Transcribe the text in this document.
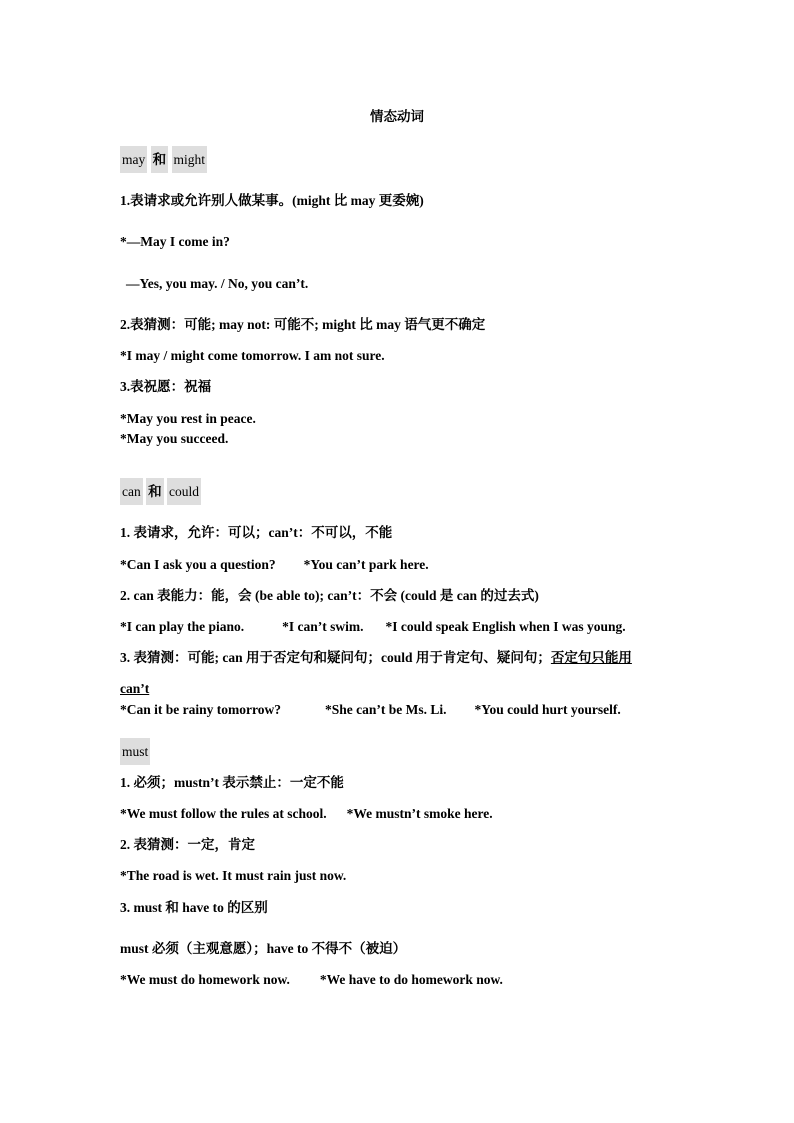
情态动词
may 和 might
1.表请求或允许别人做某事。(might 比 may 更委婉)
*—May I come in?
—Yes, you may. / No, you can’t.
2.表猜测：可能; may not: 可能不; might 比 may 语气更不确定
*I may / might come tomorrow. I am not sure.
3.表祝愿：祝福
*May you rest in peace.
*May you succeed.
can 和 could
1. 表请求，允许：可以；can’t：不可以，不能
*Can I ask you a question? *You can’t park here.
2. can 表能力：能，会 (be able to); can’t：不会 (could 是 can 的过去式)
*I can play the piano.	*I can’t swim. *I could speak English when I was young.
3. 表猜测：可能; can 用于否定句和疑问句；could 用于肯定句、疑问句；否定句只能用
can’t
*Can it be rainy tomorrow?	*She can’t be Ms. Li. *You could hurt yourself.
must
1. 必须；mustn’t 表示禁止：一定不能
*We must follow the rules at school. *We mustn’t smoke here.
2. 表猜测：一定，肯定
*The road is wet. It must rain just now.
3. must 和 have to 的区别
must 必须（主观意愿）；have to 不得不（被迫）
*We must do homework now. *We have to do homework now.
